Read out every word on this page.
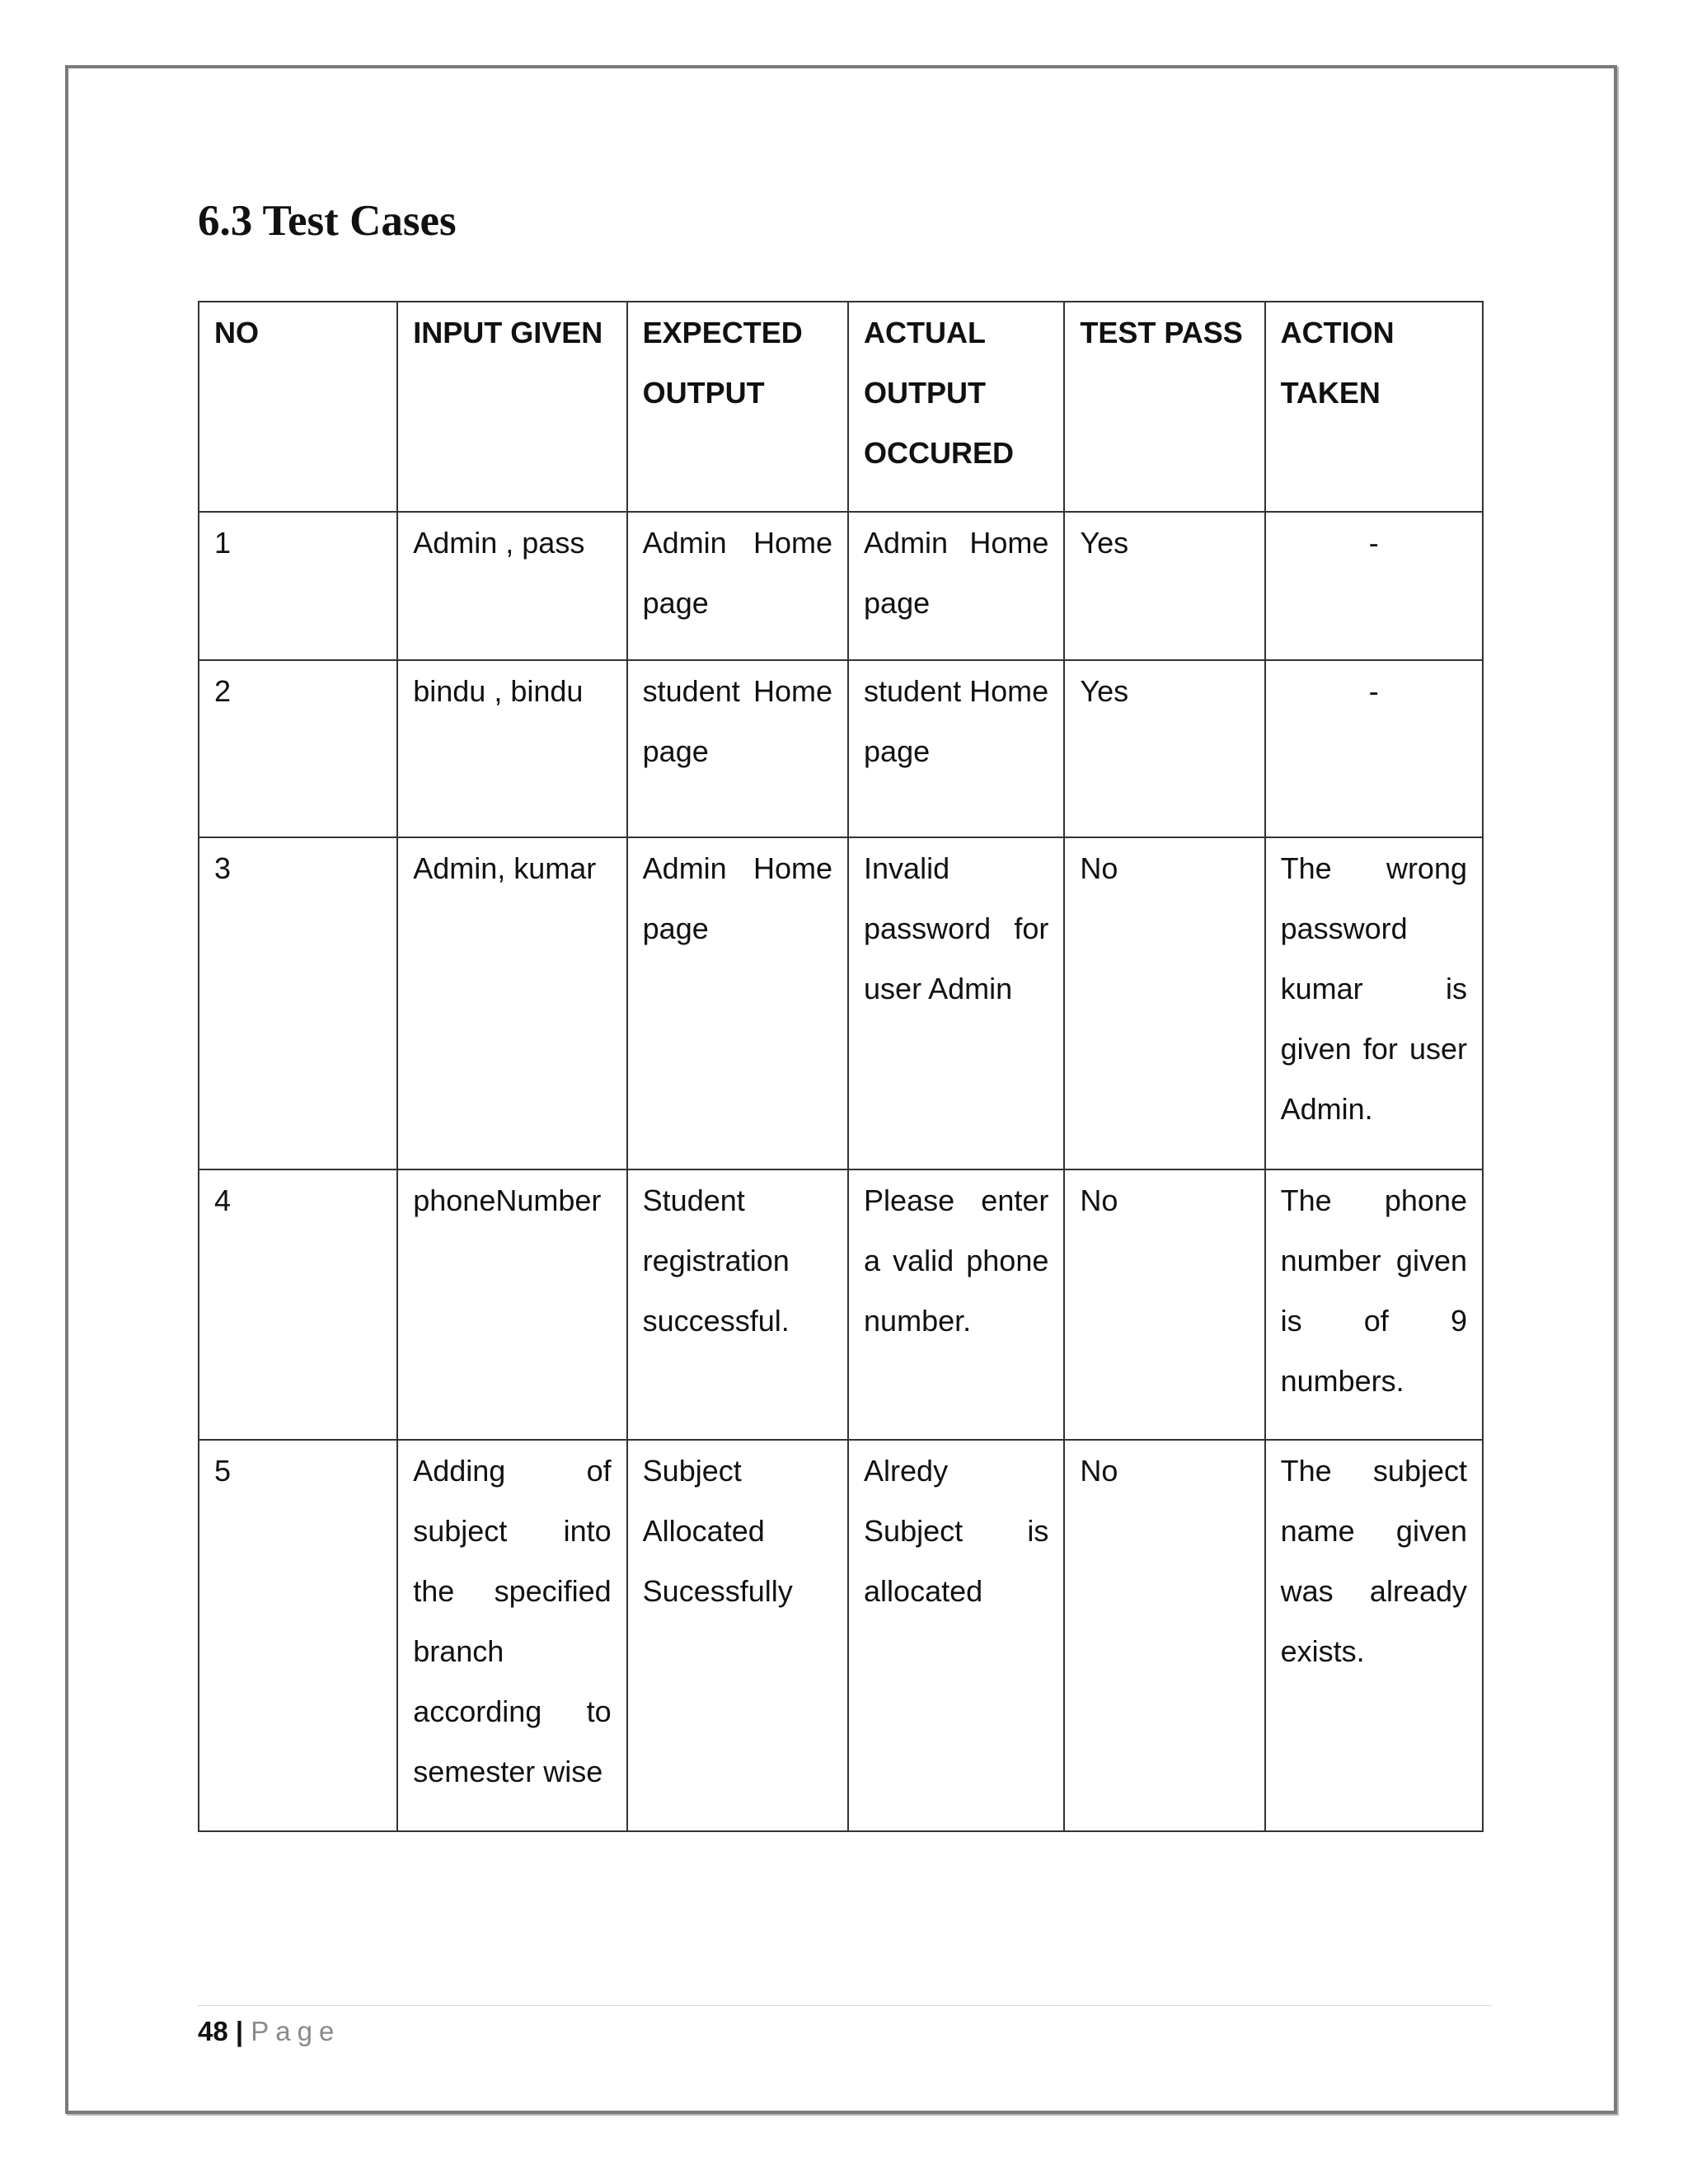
6.3 Test Cases
NO	INPUT GIVEN	EXPECTED OUTPUT	ACTUAL OUTPUT OCCURED	TEST PASS	ACTION TAKEN
1	Admin , pass	Admin Home page	Admin Home page	Yes	-
2	bindu , bindu	student Home page	student Home page	Yes	-
3	Admin, kumar	Admin Home page	Invalid password for user Admin	No	The wrong password kumar is given for user Admin.
4	phoneNumber	Student registration successful.	Please enter a valid phone number.	No	The phone number given is of 9 numbers.
5	Adding of subject into the specified branch according to semester wise	Subject Allocated Sucessfully	Alredy Subject is allocated	No	The subject name given was already exists.
48 | Page
